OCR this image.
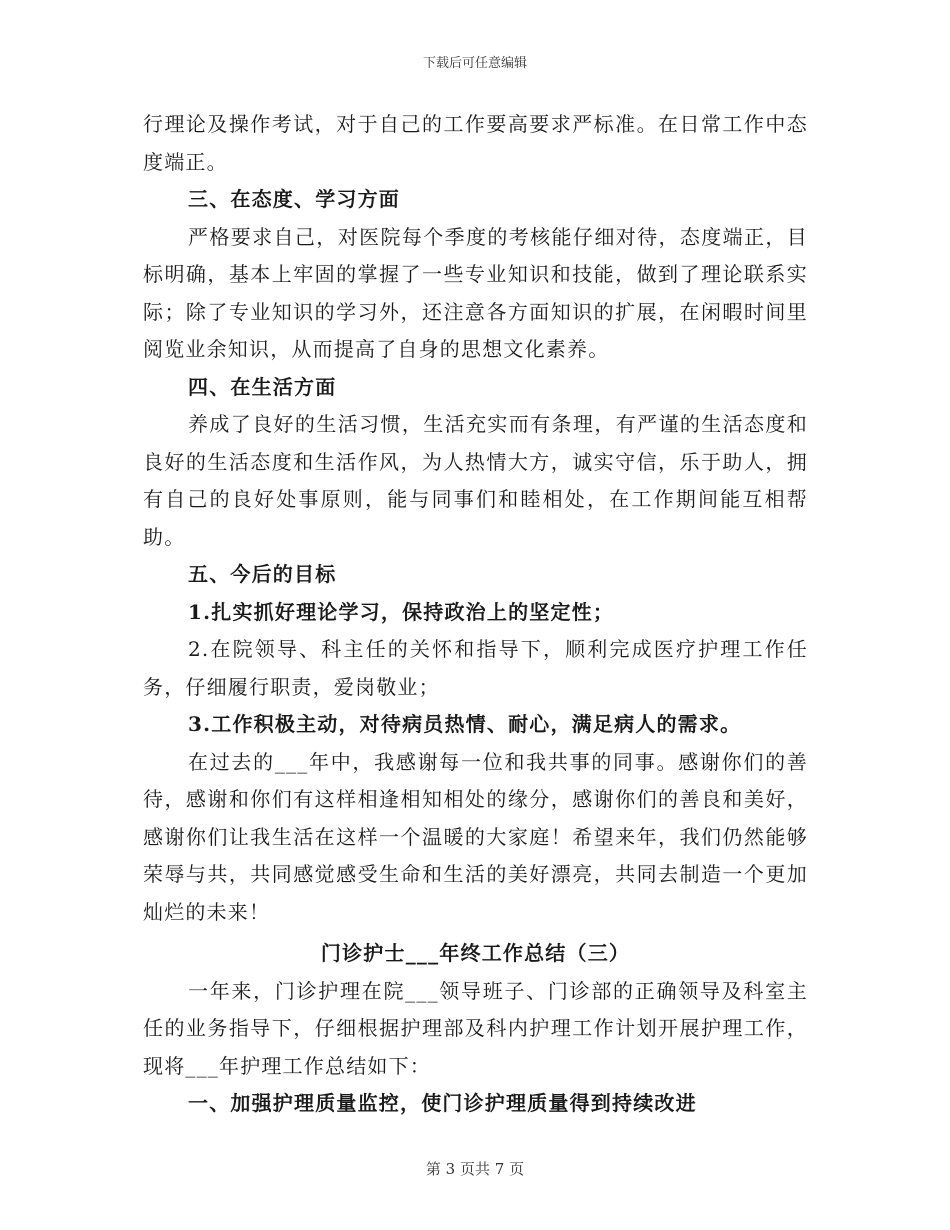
下载后可任意编辑

行理论及操作考试，对于自己的工作要高要求严标准。在日常工作中态度端正。

三、在态度、学习方面

严格要求自己，对医院每个季度的考核能仔细对待，态度端正，目标明确，基本上牢固的掌握了一些专业知识和技能，做到了理论联系实际；除了专业知识的学习外，还注意各方面知识的扩展，在闲暇时间里阅览业余知识，从而提高了自身的思想文化素养。

四、在生活方面

养成了良好的生活习惯，生活充实而有条理，有严谨的生活态度和良好的生活态度和生活作风，为人热情大方，诚实守信，乐于助人，拥有自己的良好处事原则，能与同事们和睦相处，在工作期间能互相帮助。

五、今后的目标

1.扎实抓好理论学习，保持政治上的坚定性；

2.在院领导、科主任的关怀和指导下，顺利完成医疗护理工作任务，仔细履行职责，爱岗敬业；

3.工作积极主动，对待病员热情、耐心，满足病人的需求。

在过去的___年中，我感谢每一位和我共事的同事。感谢你们的善待，感谢和你们有这样相逢相知相处的缘分，感谢你们的善良和美好，感谢你们让我生活在这样一个温暖的大家庭！希望来年，我们仍然能够荣辱与共，共同感觉感受生命和生活的美好漂亮，共同去制造一个更加灿烂的未来！

门诊护士___年终工作总结（三）

一年来，门诊护理在院___领导班子、门诊部的正确领导及科室主任的业务指导下，仔细根据护理部及科内护理工作计划开展护理工作，现将___年护理工作总结如下：

一、加强护理质量监控，使门诊护理质量得到持续改进

第 3 页共 7 页
